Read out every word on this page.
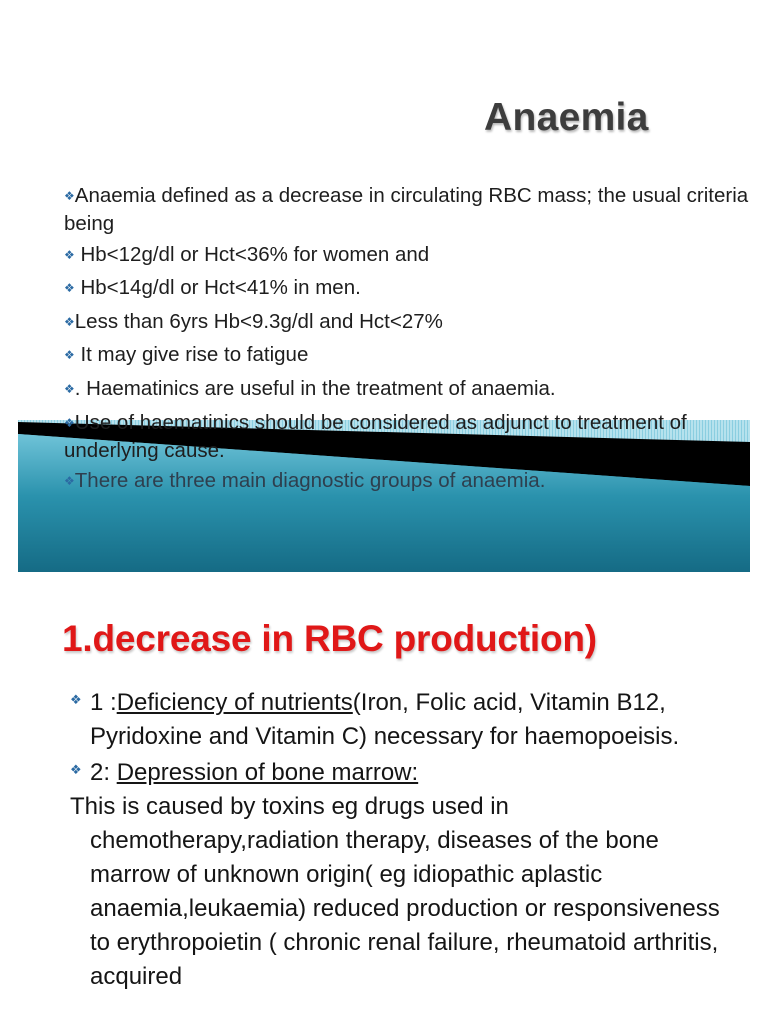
Anaemia
❖Anaemia defined as a decrease in circulating RBC mass; the usual criteria being
❖ Hb<12g/dl or Hct<36% for women and
❖ Hb<14g/dl or Hct<41% in men.
❖Less than 6yrs Hb<9.3g/dl and Hct<27%
❖ It may give rise to fatigue
❖. Haematinics are useful in the treatment of anaemia.
❖Use of haematinics should be considered as adjunct to treatment of underlying cause.
❖There are three main diagnostic groups of anaemia.
1.decrease in RBC production)
❖ 1 :Deficiency of nutrients(Iron, Folic acid, Vitamin B12, Pyridoxine and Vitamin C) necessary for haemopoeisis.
❖ 2: Depression of bone marrow:
This is caused by toxins eg drugs used in chemotherapy,radiation therapy, diseases of the bone marrow of unknown origin( eg idiopathic aplastic anaemia,leukaemia) reduced production or responsiveness to erythropoietin ( chronic renal failure, rheumatoid arthritis, acquired
